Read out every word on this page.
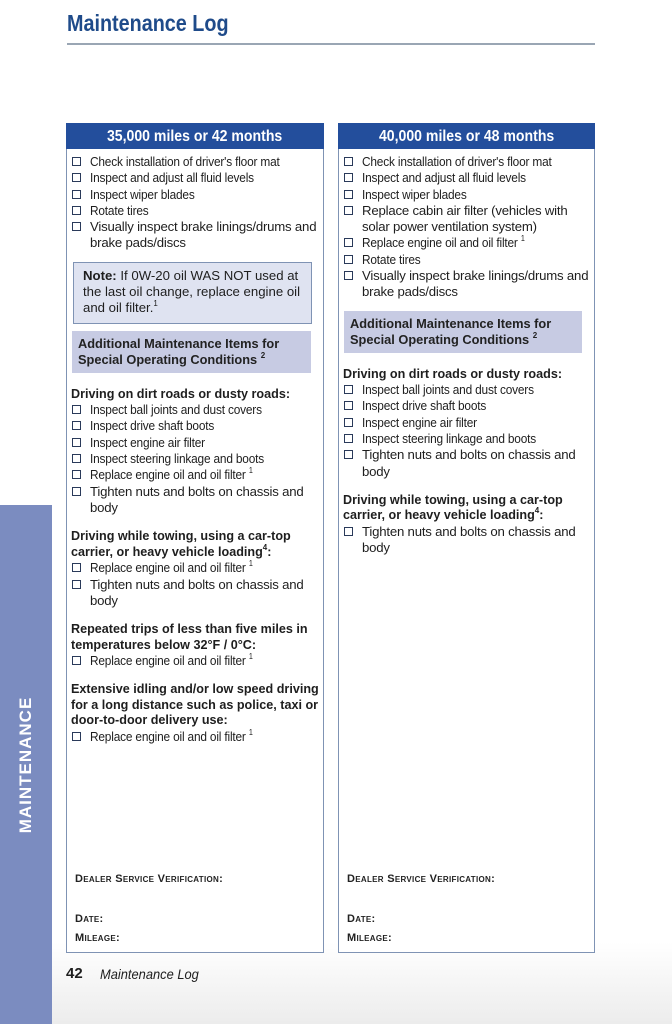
Maintenance Log
MAINTENANCE
35,000 miles or 42 months
Check installation of driver's floor mat
Inspect and adjust all fluid levels
Inspect wiper blades
Rotate tires
Visually inspect brake linings/drums and brake pads/discs
Note: If 0W-20 oil WAS NOT used at the last oil change, replace engine oil and oil filter.$^1$
Additional Maintenance Items for Special Operating Conditions $^2$
Driving on dirt roads or dusty roads:
Inspect ball joints and dust covers
Inspect drive shaft boots
Inspect engine air filter
Inspect steering linkage and boots
Replace engine oil and oil filter $^1$
Tighten nuts and bolts on chassis and body
Driving while towing, using a car-top carrier, or heavy vehicle loading$^4$:
Replace engine oil and oil filter $^1$
Tighten nuts and bolts on chassis and body
Repeated trips of less than five miles in temperatures below 32°F / 0°C:
Replace engine oil and oil filter $^1$
Extensive idling and/or low speed driving for a long distance such as police, taxi or door-to-door delivery use:
Replace engine oil and oil filter $^1$
Dealer Service Verification:
Date:
Mileage:
40,000 miles or 48 months
Check installation of driver's floor mat
Inspect and adjust all fluid levels
Inspect wiper blades
Replace cabin air filter (vehicles with solar power ventilation system)
Replace engine oil and oil filter $^1$
Rotate tires
Visually inspect brake linings/drums and brake pads/discs
Additional Maintenance Items for Special Operating Conditions $^2$
Driving on dirt roads or dusty roads:
Inspect ball joints and dust covers
Inspect drive shaft boots
Inspect engine air filter
Inspect steering linkage and boots
Tighten nuts and bolts on chassis and body
Driving while towing, using a car-top carrier, or heavy vehicle loading$^4$:
Tighten nuts and bolts on chassis and body
Dealer Service Verification:
Date:
Mileage:
42 Maintenance Log
